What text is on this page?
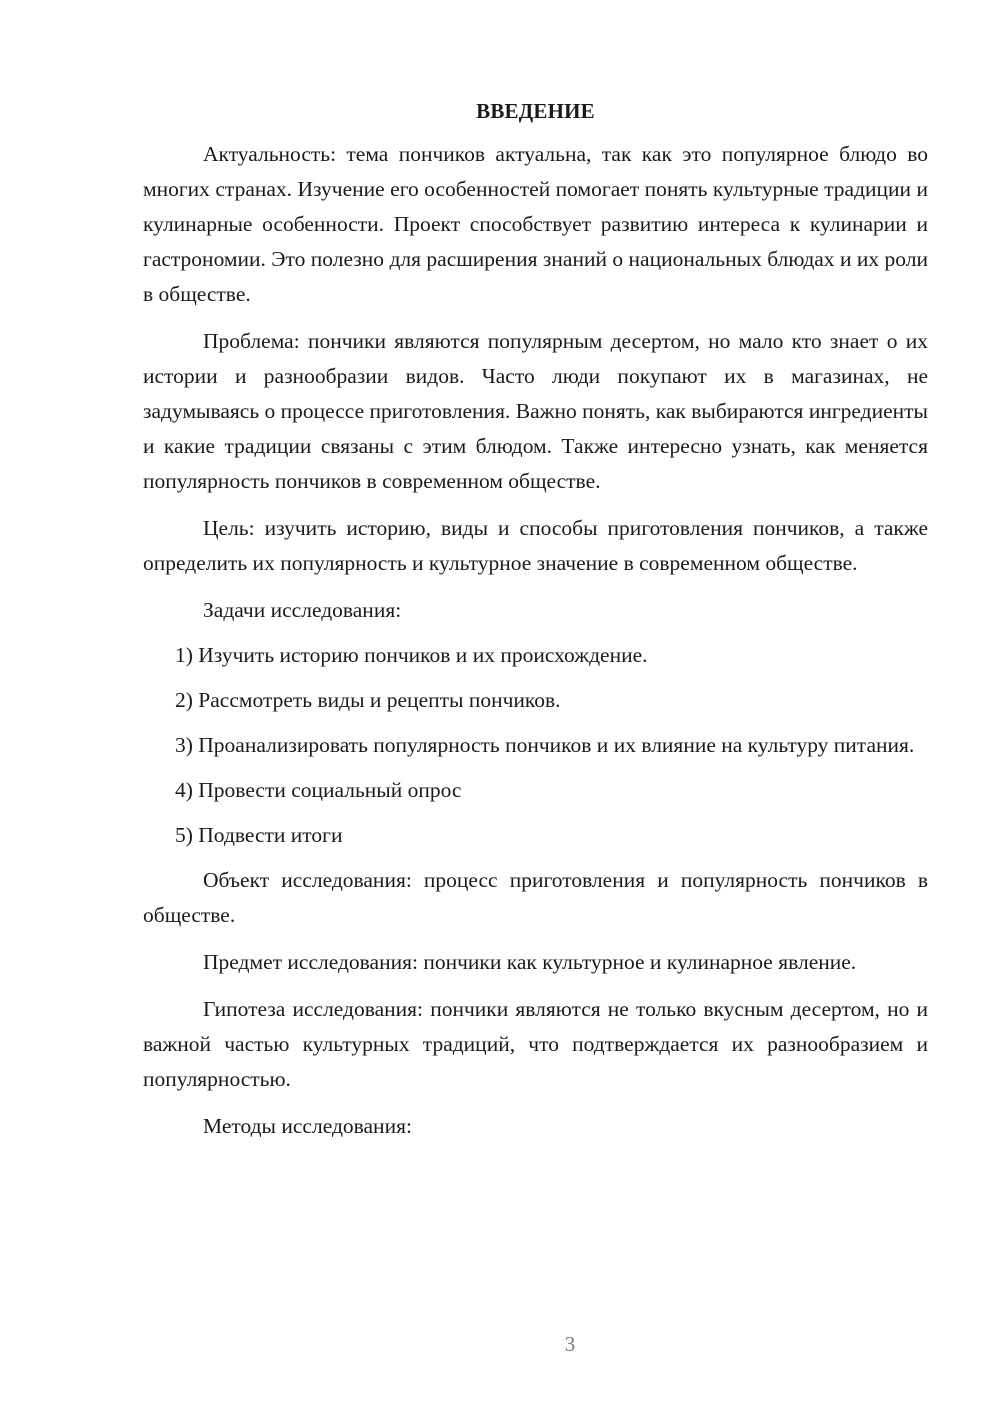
ВВЕДЕНИЕ

Актуальность: тема пончиков актуальна, так как это популярное блюдо во многих странах. Изучение его особенностей помогает понять культурные традиции и кулинарные особенности. Проект способствует развитию интереса к кулинарии и гастрономии. Это полезно для расширения знаний о национальных блюдах и их роли в обществе.

Проблема: пончики являются популярным десертом, но мало кто знает о их истории и разнообразии видов. Часто люди покупают их в магазинах, не задумываясь о процессе приготовления. Важно понять, как выбираются ингредиенты и какие традиции связаны с этим блюдом. Также интересно узнать, как меняется популярность пончиков в современном обществе.

Цель: изучить историю, виды и способы приготовления пончиков, а также определить их популярность и культурное значение в современном обществе.

Задачи исследования:

1) Изучить историю пончиков и их происхождение.

2) Рассмотреть виды и рецепты пончиков.

3) Проанализировать популярность пончиков и их влияние на культуру питания.

4) Провести социальный опрос

5) Подвести итоги

Объект исследования: процесс приготовления и популярность пончиков в обществе.

Предмет исследования: пончики как культурное и кулинарное явление.

Гипотеза исследования: пончики являются не только вкусным десертом, но и важной частью культурных традиций, что подтверждается их разнообразием и популярностью.

Методы исследования:

3
